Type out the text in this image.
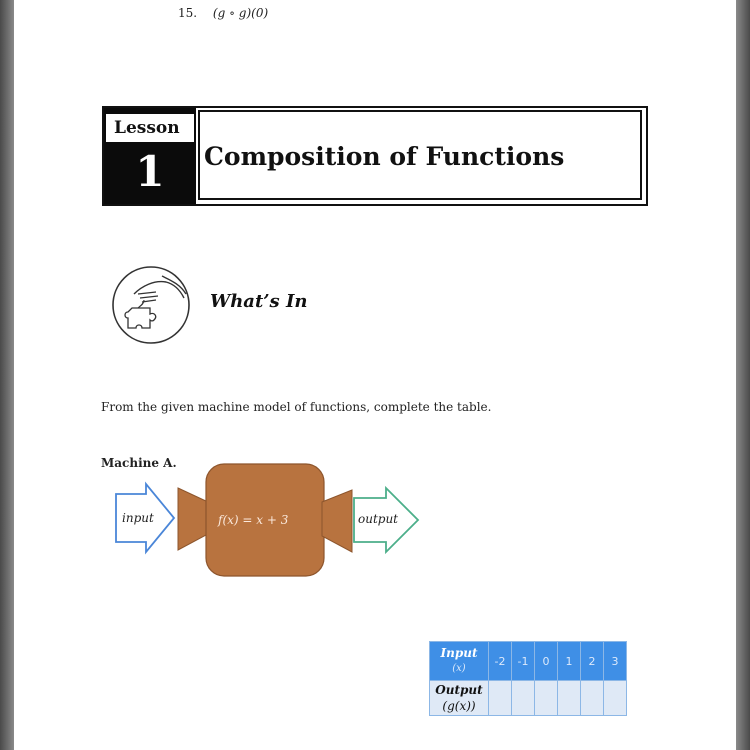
15. (g ∘ g)(0)
Lesson
1	Composition of Functions
What’s In
From the given machine model of functions, complete the table.
Machine A.
input	f(x) = x + 3	output
Input
(x)	-2	-1	0	1	2	3
Output
(g(x))						
